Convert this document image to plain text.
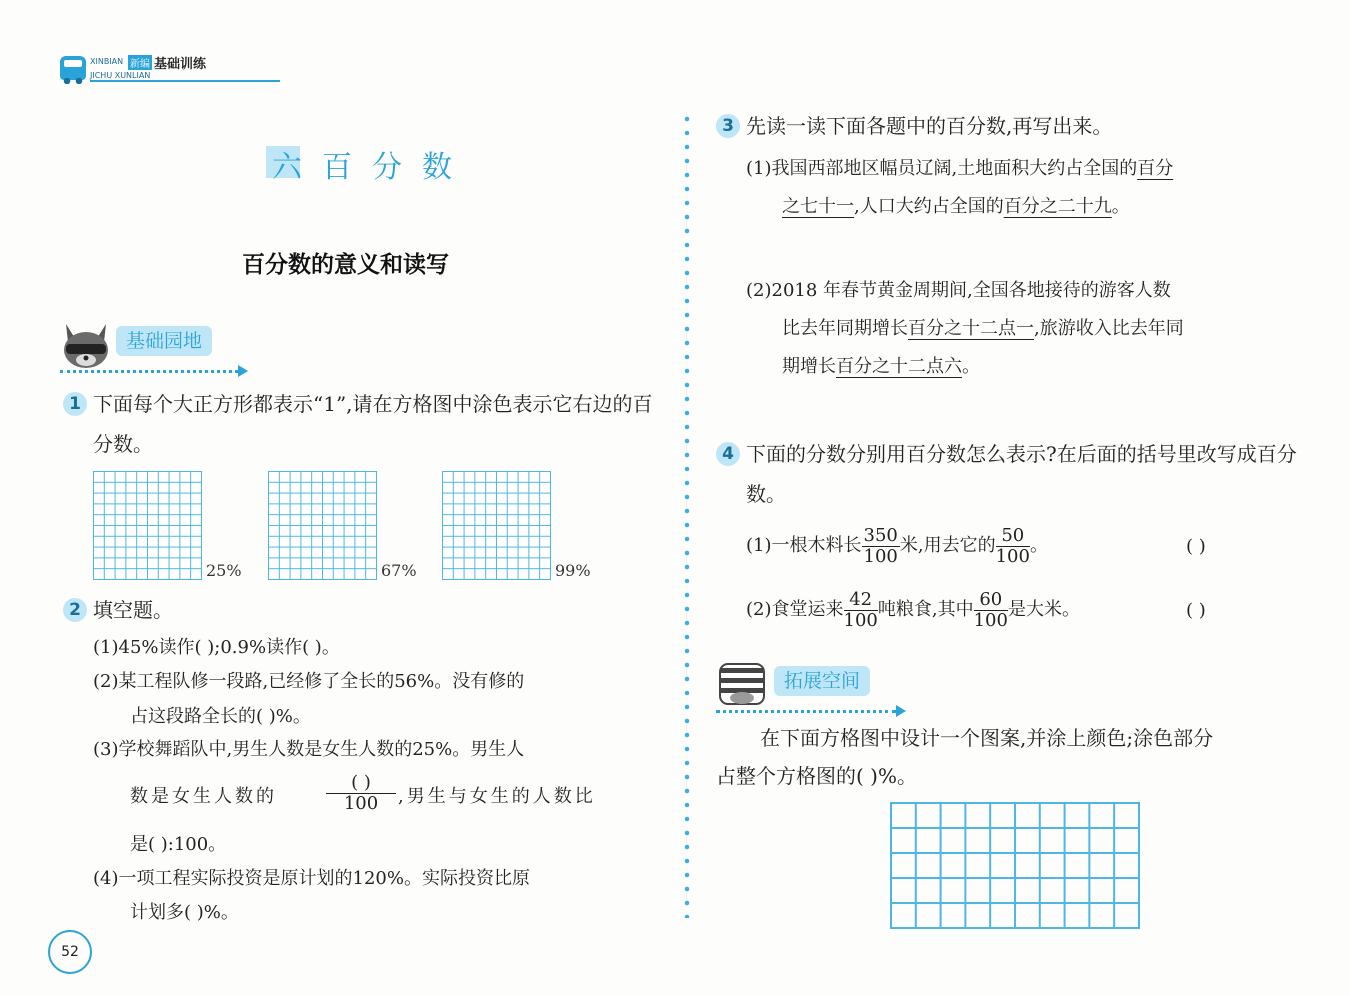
XINBIAN 新编 基础训练
JICHU XUNLIAN
六百分数
百分数的意义和读写
基础园地
1 下面每个大正方形都表示“1”,请在方格图中涂色表示它右边的百分数。
25%	67%	99%
2 填空题。
(1)45%读作( );0.9%读作( )。
(2)某工程队修一段路,已经修了全长的56%。没有修的
占这段路全长的( )%。
(3)学校舞蹈队中,男生人数是女生人数的25%。男生人
数是女生人数的
( )
100	,男生与女生的人数比
是( ):100。
(4)一项工程实际投资是原计划的120%。实际投资比原
计划多( )%。
52
3 先读一读下面各题中的百分数,再写出来。
(1)我国西部地区幅员辽阔,土地面积大约占全国的百分
之七十一,人口大约占全国的百分之二十九。
(2)2018 年春节黄金周期间,全国各地接待的游客人数
比去年同期增长百分之十二点一,旅游收入比去年同
期增长百分之十二点六。
4 下面的分数分别用百分数怎么表示?在后面的括号里改写成百分数。
(1)一根木料长 $\frac{350}{100}$ 米,用去它的 $\frac{50}{100}$ 。	( )
(2)食堂运来 $\frac{42}{100}$ 吨粮食,其中 $\frac{60}{100}$ 是大米。	( )
拓展空间
在下面方格图中设计一个图案,并涂上颜色;涂色部分
占整个方格图的( )%。
